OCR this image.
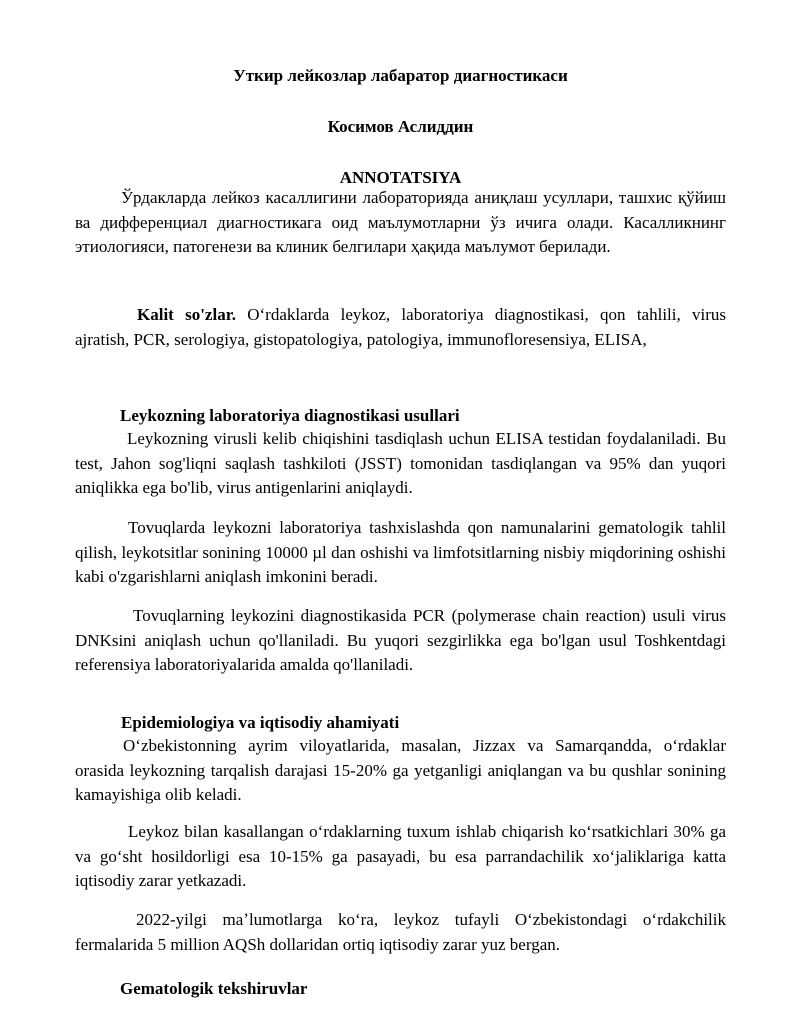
Уткир лейкозлар лабаратор диагностикаси
Косимов Аслиддин
ANNOTATSIYA
Ўрдакларда лейкоз касаллигини лабораторияда аниқлаш усуллари, ташхис қўйиш ва дифференциал диагностикага оид маълумотларни ўз ичига олади. Касалликнинг этиологияси, патогенези ва клиник белгилари ҳақида маълумот берилади.
Kalit so'zlar. Oʻrdaklarda leykoz, laboratoriya diagnostikasi, qon tahlili, virus ajratish, PCR, serologiya, gistopatologiya, patologiya, immunofloresensiya, ELISA,
Leykozning laboratoriya diagnostikasi usullari
Leykozning virusli kelib chiqishini tasdiqlash uchun ELISA testidan foydalaniladi. Bu test, Jahon sog'liqni saqlash tashkiloti (JSST) tomonidan tasdiqlangan va 95% dan yuqori aniqlikka ega bo'lib, virus antigenlarini aniqlaydi.
Tovuqlarda leykozni laboratoriya tashxislashda qon namunalarini gematologik tahlil qilish, leykotsitlar sonining 10000 µl dan oshishi va limfotsitlarning nisbiy miqdorining oshishi kabi o'zgarishlarni aniqlash imkonini beradi.
Tovuqlarning leykozini diagnostikasida PCR (polymerase chain reaction) usuli virus DNKsini aniqlash uchun qo'llaniladi. Bu yuqori sezgirlikka ega bo'lgan usul Toshkentdagi referensiya laboratoriyalarida amalda qo'llaniladi.
Epidemiologiya va iqtisodiy ahamiyati
Oʻzbekistonning ayrim viloyatlarida, masalan, Jizzax va Samarqandda, oʻrdaklar orasida leykozning tarqalish darajasi 15-20% ga yetganligi aniqlangan va bu qushlar sonining kamayishiga olib keladi.
Leykoz bilan kasallangan oʻrdaklarning tuxum ishlab chiqarish koʻrsatkichlari 30% ga va goʻsht hosildorligi esa 10-15% ga pasayadi, bu esa parrandachilik xoʻjaliklariga katta iqtisodiy zarar yetkazadi.
2022-yilgi maʼlumotlarga koʻra, leykoz tufayli Oʻzbekistondagi oʻrdakchilik fermalarida 5 million AQSh dollaridan ortiq iqtisodiy zarar yuz bergan.
Gematologik tekshiruvlar
